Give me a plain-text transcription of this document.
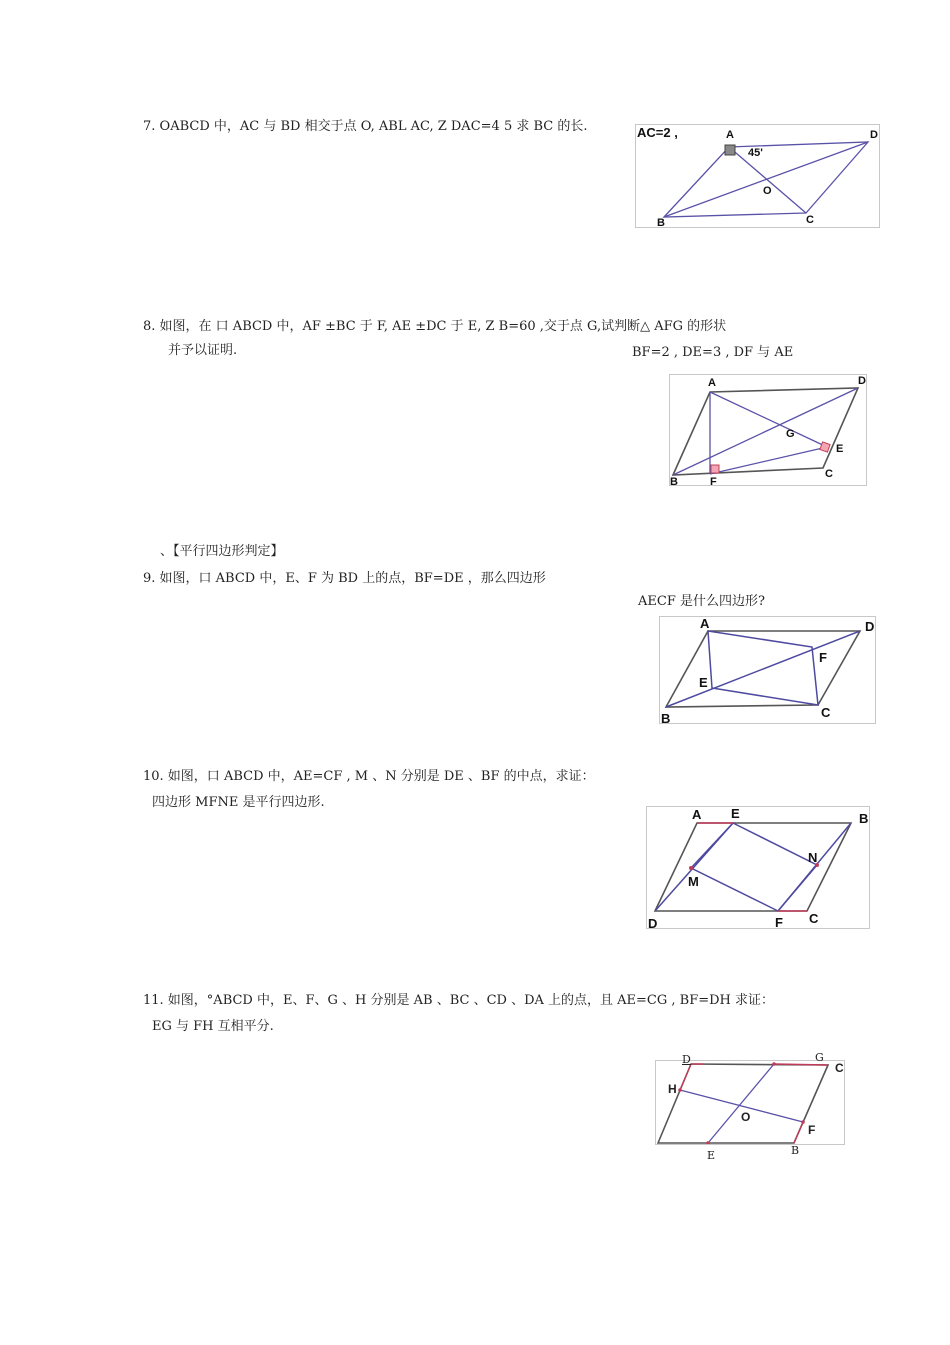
7. OABCD 中，AC 与 BD 相交于点 O, ABL AC, Z DAC=4 5 求 BC 的长.	AC=2 ,	A
45'
D
O
B	C
8. 如图，在 口 ABCD 中，AF ±BC 于 F, AE ±DC 于 E, Z B=60 ,交于点 G,试判断△ AFG 的形状
并予以证明.	BF=2 , DE=3 , DF 与 AE
A	D
G
E
B	F
C
、【平行四边形判定】
9. 如图，口 ABCD 中，E、F 为 BD 上的点，BF=DE ，那么四边形
AECF 是什么四边形?
A	D
F
E
B	C
10. 如图，口 ABCD 中，AE=CF , M 、N 分别是 DE 、BF 的中点，求证：
四边形 MFNE 是平行四边形.
A E	B
N
M
D	F C
11. 如图，°ABCD 中，E、F、G 、H 分别是 AB 、BC 、CD 、DA 上的点，且 AE=CG , BF=DH 求证：
EG 与 FH 互相平分.
D	G
C
H
O
F
E	B
